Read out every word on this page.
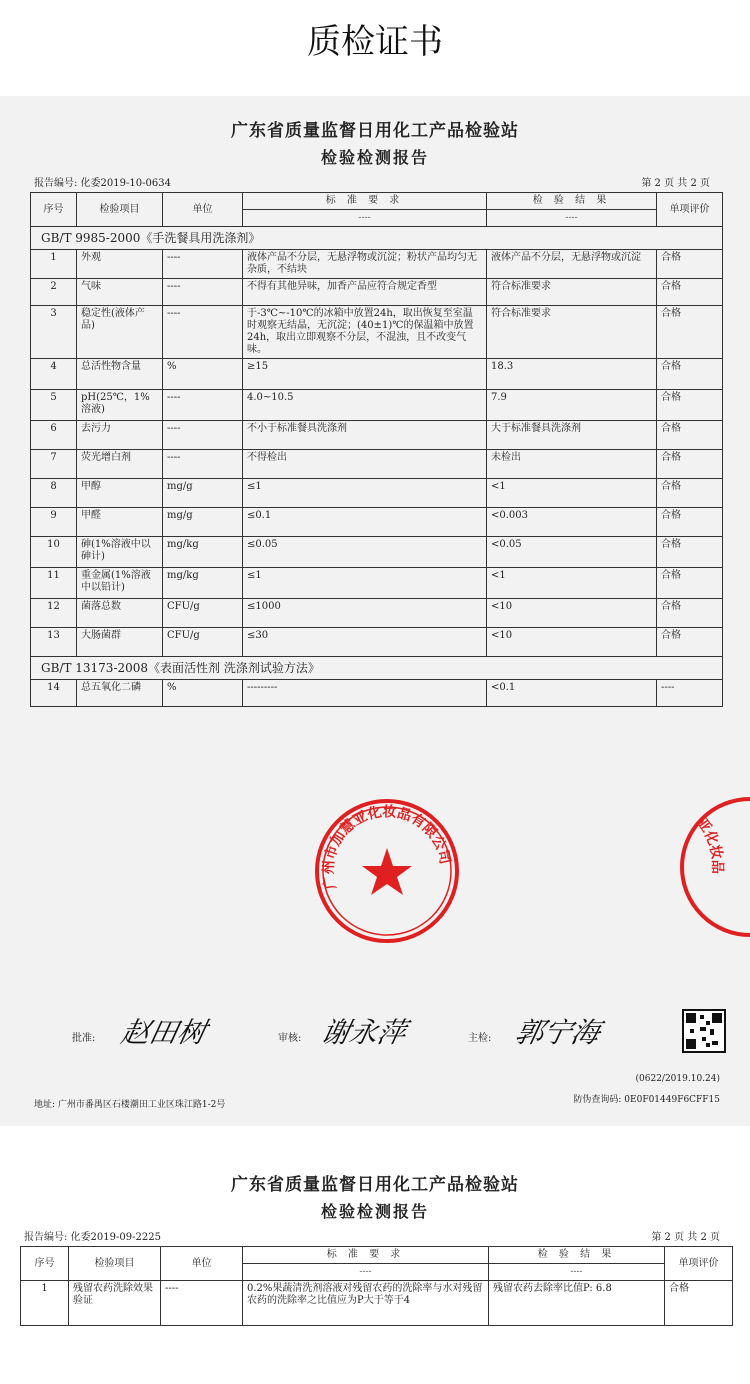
质检证书
广东省质量监督日用化工产品检验站
检验检测报告
报告编号: 化委2019-10-0634	第 2 页 共 2 页
序号	检验项目	单位	标 准 要 求	检 验 结 果	单项评价
			----	----	
GB/T 9985-2000《手洗餐具用洗涤剂》					
1	外观	----	液体产品不分层，无悬浮物或沉淀；粉状产品均匀无杂质，不结块	液体产品不分层，无悬浮物或沉淀	合格
2	气味	----	不得有其他异味，加香产品应符合规定香型	符合标准要求	合格
3	稳定性(液体产品)	----	于-3℃~-10℃的冰箱中放置24h，取出恢复至室温时观察无结晶，无沉淀；(40±1)℃的保温箱中放置24h，取出立即观察不分层，不混浊，且不改变气味。	符合标准要求	合格
4	总活性物含量	%	≥15	18.3	合格
5	pH(25℃，1%溶液)	----	4.0~10.5	7.9	合格
6	去污力	----	不小于标准餐具洗涤剂	大于标准餐具洗涤剂	合格
7	荧光增白剂	----	不得检出	未检出	合格
8	甲醇	mg/g	≤1	<1	合格
9	甲醛	mg/g	≤0.1	<0.003	合格
10	砷(1%溶液中以砷计)	mg/kg	≤0.05	<0.05	合格
11	重金属(1%溶液中以铅计)	mg/kg	≤1	<1	合格
12	菌落总数	CFU/g	≤1000	<10	合格
13	大肠菌群	CFU/g	≤30	<10	合格
GB/T 13173-2008《表面活性剂 洗涤剂试验方法》					
14	总五氧化二磷	%	---------	<0.1	----
广州市加慧亚化妆品有限公司
亚化妆品
批准: 赵田树	审核: 谢永萍	主检: 郭宁海
(0622/2019.10.24)
地址: 广州市番禺区石楼潮田工业区珠江路1-2号	防伪查询码: 0E0F01449F6CFF15
广东省质量监督日用化工产品检验站
检验检测报告
报告编号: 化委2019-09-2225	第 2 页 共 2 页
序号	检验项目	单位	标 准 要 求	检 验 结 果	单项评价
			----	----	
1	残留农药洗除效果验证	----	0.2%果蔬清洗剂溶液对残留农药的洗除率与水对残留农药的洗除率之比值应为P大于等于4	残留农药去除率比值P: 6.8	合格
